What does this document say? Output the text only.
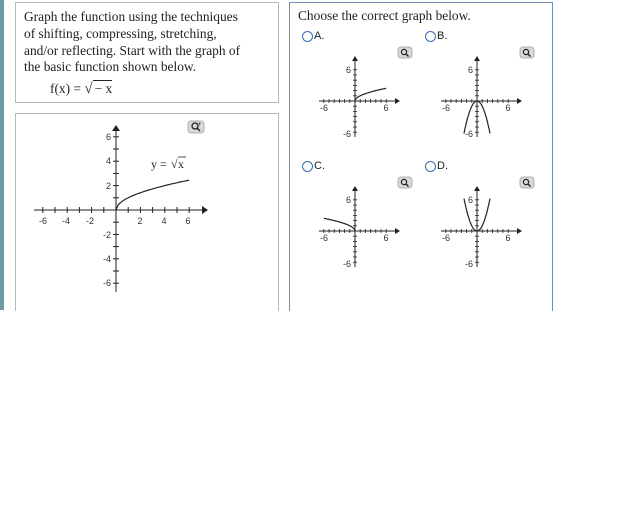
Graph the function using the techniques
of shifting, compressing, stretching,
and/or reflecting. Start with the graph of
the basic function shown below.
f(x) = √ − x
+
-6 -4 -2	2 4 6
6
4
2
-2
-4
-6
y = √ x
Choose the correct graph below.
A.	B.
C.	D.
-6	6
6
-6
-6	6
6
-6
-6	6
6
-6
-6	6
6
-6
